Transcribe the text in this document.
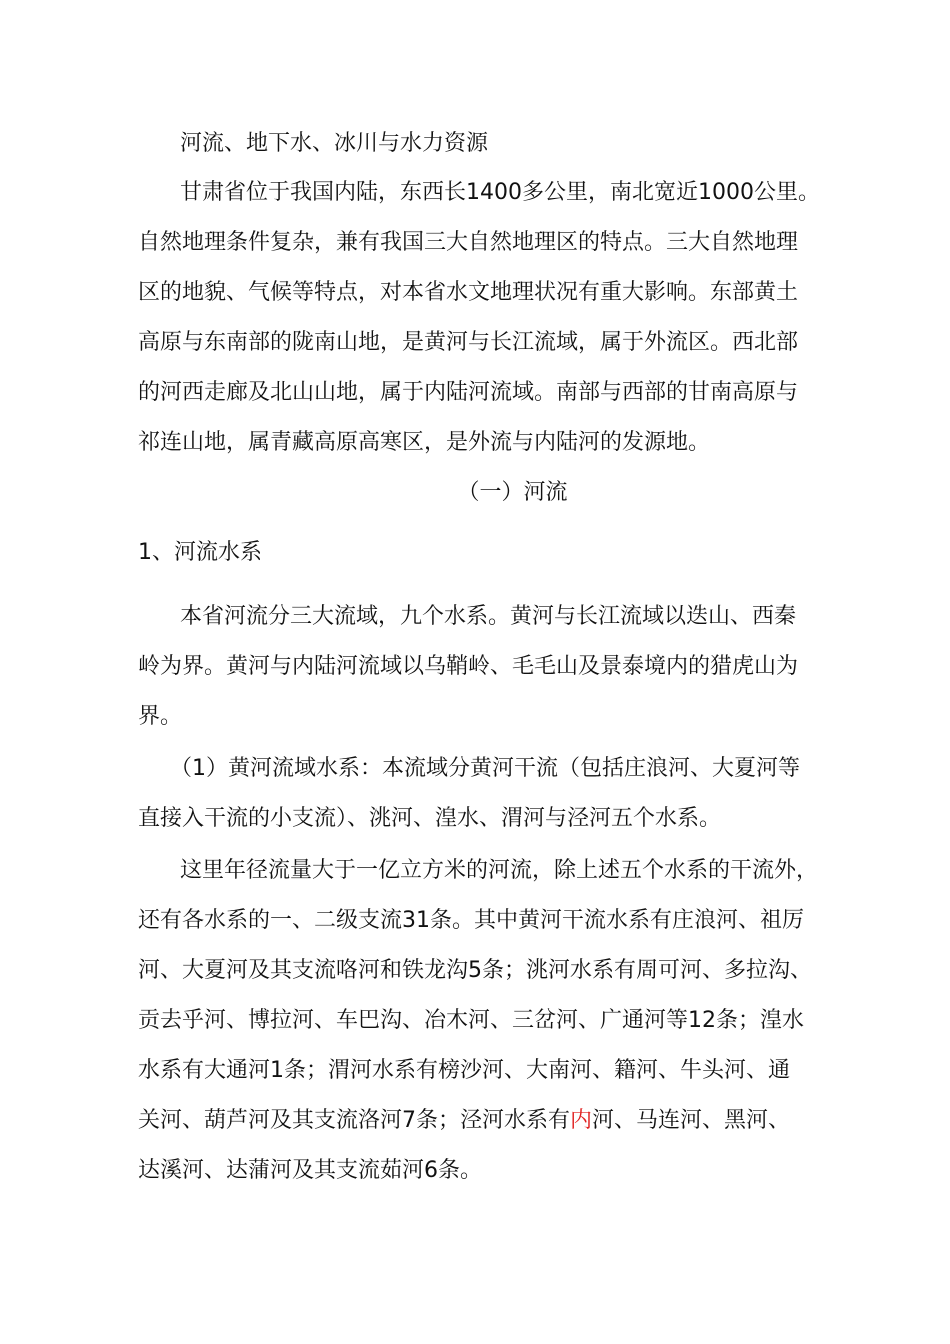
河流、地下水、冰川与水力资源
甘肃省位于我国内陆，东西长1400多公里，南北宽近1000公里。
自然地理条件复杂，兼有我国三大自然地理区的特点。三大自然地理
区的地貌、气候等特点，对本省水文地理状况有重大影响。东部黄土
高原与东南部的陇南山地，是黄河与长江流域，属于外流区。西北部
的河西走廊及北山山地，属于内陆河流域。南部与西部的甘南高原与
祁连山地，属青藏高原高寒区，是外流与内陆河的发源地。
（一）河流
1、河流水系
本省河流分三大流域，九个水系。黄河与长江流域以迭山、西秦
岭为界。黄河与内陆河流域以乌鞘岭、毛毛山及景泰境内的猎虎山为
界。
（1）黄河流域水系：本流域分黄河干流（包括庄浪河、大夏河等
直接入干流的小支流）、洮河、湟水、渭河与泾河五个水系。
这里年径流量大于一亿立方米的河流，除上述五个水系的干流外，
还有各水系的一、二级支流31条。其中黄河干流水系有庄浪河、祖厉
河、大夏河及其支流咯河和铁龙沟5条；洮河水系有周可河、多拉沟、
贡去乎河、博拉河、车巴沟、冶木河、三岔河、广通河等12条；湟水
水系有大通河1条；渭河水系有榜沙河、大南河、籍河、牛头河、通
关河、葫芦河及其支流洛河7条；泾河水系有内河、马连河、黑河、
达溪河、达蒲河及其支流茹河6条。
